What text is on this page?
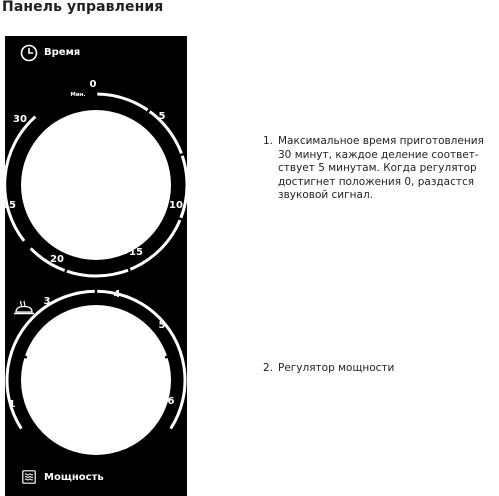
Панель управления
Время
0
Мин.
5
10
15
20
25
30
1
3
4
5
6
Мощность
1. Максимальное время приготовления 30 минут, каждое деление соответ-ствует 5 минутам. Когда регулятор достигнет положения 0, раздастся звуковой сигнал.
2. Регулятор мощности
